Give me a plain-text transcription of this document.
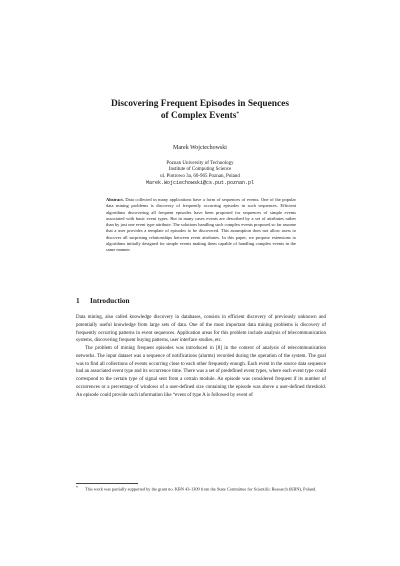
Discovering Frequent Episodes in Sequences
of Complex Events*
Marek Wojciechowski
Poznan University of Technology
Institute of Computing Science
ul. Piotrowo 3a, 60-965 Poznan, Poland
Marek.Wojciechowski@cs.put.poznan.pl
Abstract. Data collected in many applications have a form of sequences of events. One of the popular data mining problems is discovery of frequently occurring episodes in such sequences. Efficient algorithms discovering all frequent episodes have been proposed for sequences of simple events associated with basic event types. But in many cases events are described by a set of attributes rather than by just one event type attribute. The solutions handling such complex events proposed so far assume that a user provides a template of episodes to be discovered. This assumption does not allow users to discover all surprising relationships between event attributes. In this paper, we propose extensions to algorithms initially designed for simple events making them capable of handling complex events in the same manner.
1 Introduction

Data mining, also called knowledge discovery in databases, consists in efficient discovery of previously unknown and potentially useful knowledge from large sets of data. One of the most important data mining problems is discovery of frequently occurring patterns in event sequences. Application areas for this problem include analysis of telecommunication systems, discovering frequent buying patterns, user interface studies, etc.

The problem of mining frequent episodes was introduced in [8] in the context of analysis of telecommunication networks. The input dataset was a sequence of notifications (alarms) recorded during the operation of the system. The goal was to find all collections of events occurring close to each other frequently enough. Each event in the source data sequence had an associated event type and its occurrence time. There was a set of predefined event types, where each event type could correspond to the certain type of signal sent from a certain module. An episode was considered frequent if its number of occurrences or a percentage of windows of a user-defined size containing the episode was above a user-defined threshold. An episode could provide such information like “event of type A is followed by event of

* This work was partially supported by the grant no. KBN 43-1309 from the State Committee for Scientific Research (KBN), Poland.
